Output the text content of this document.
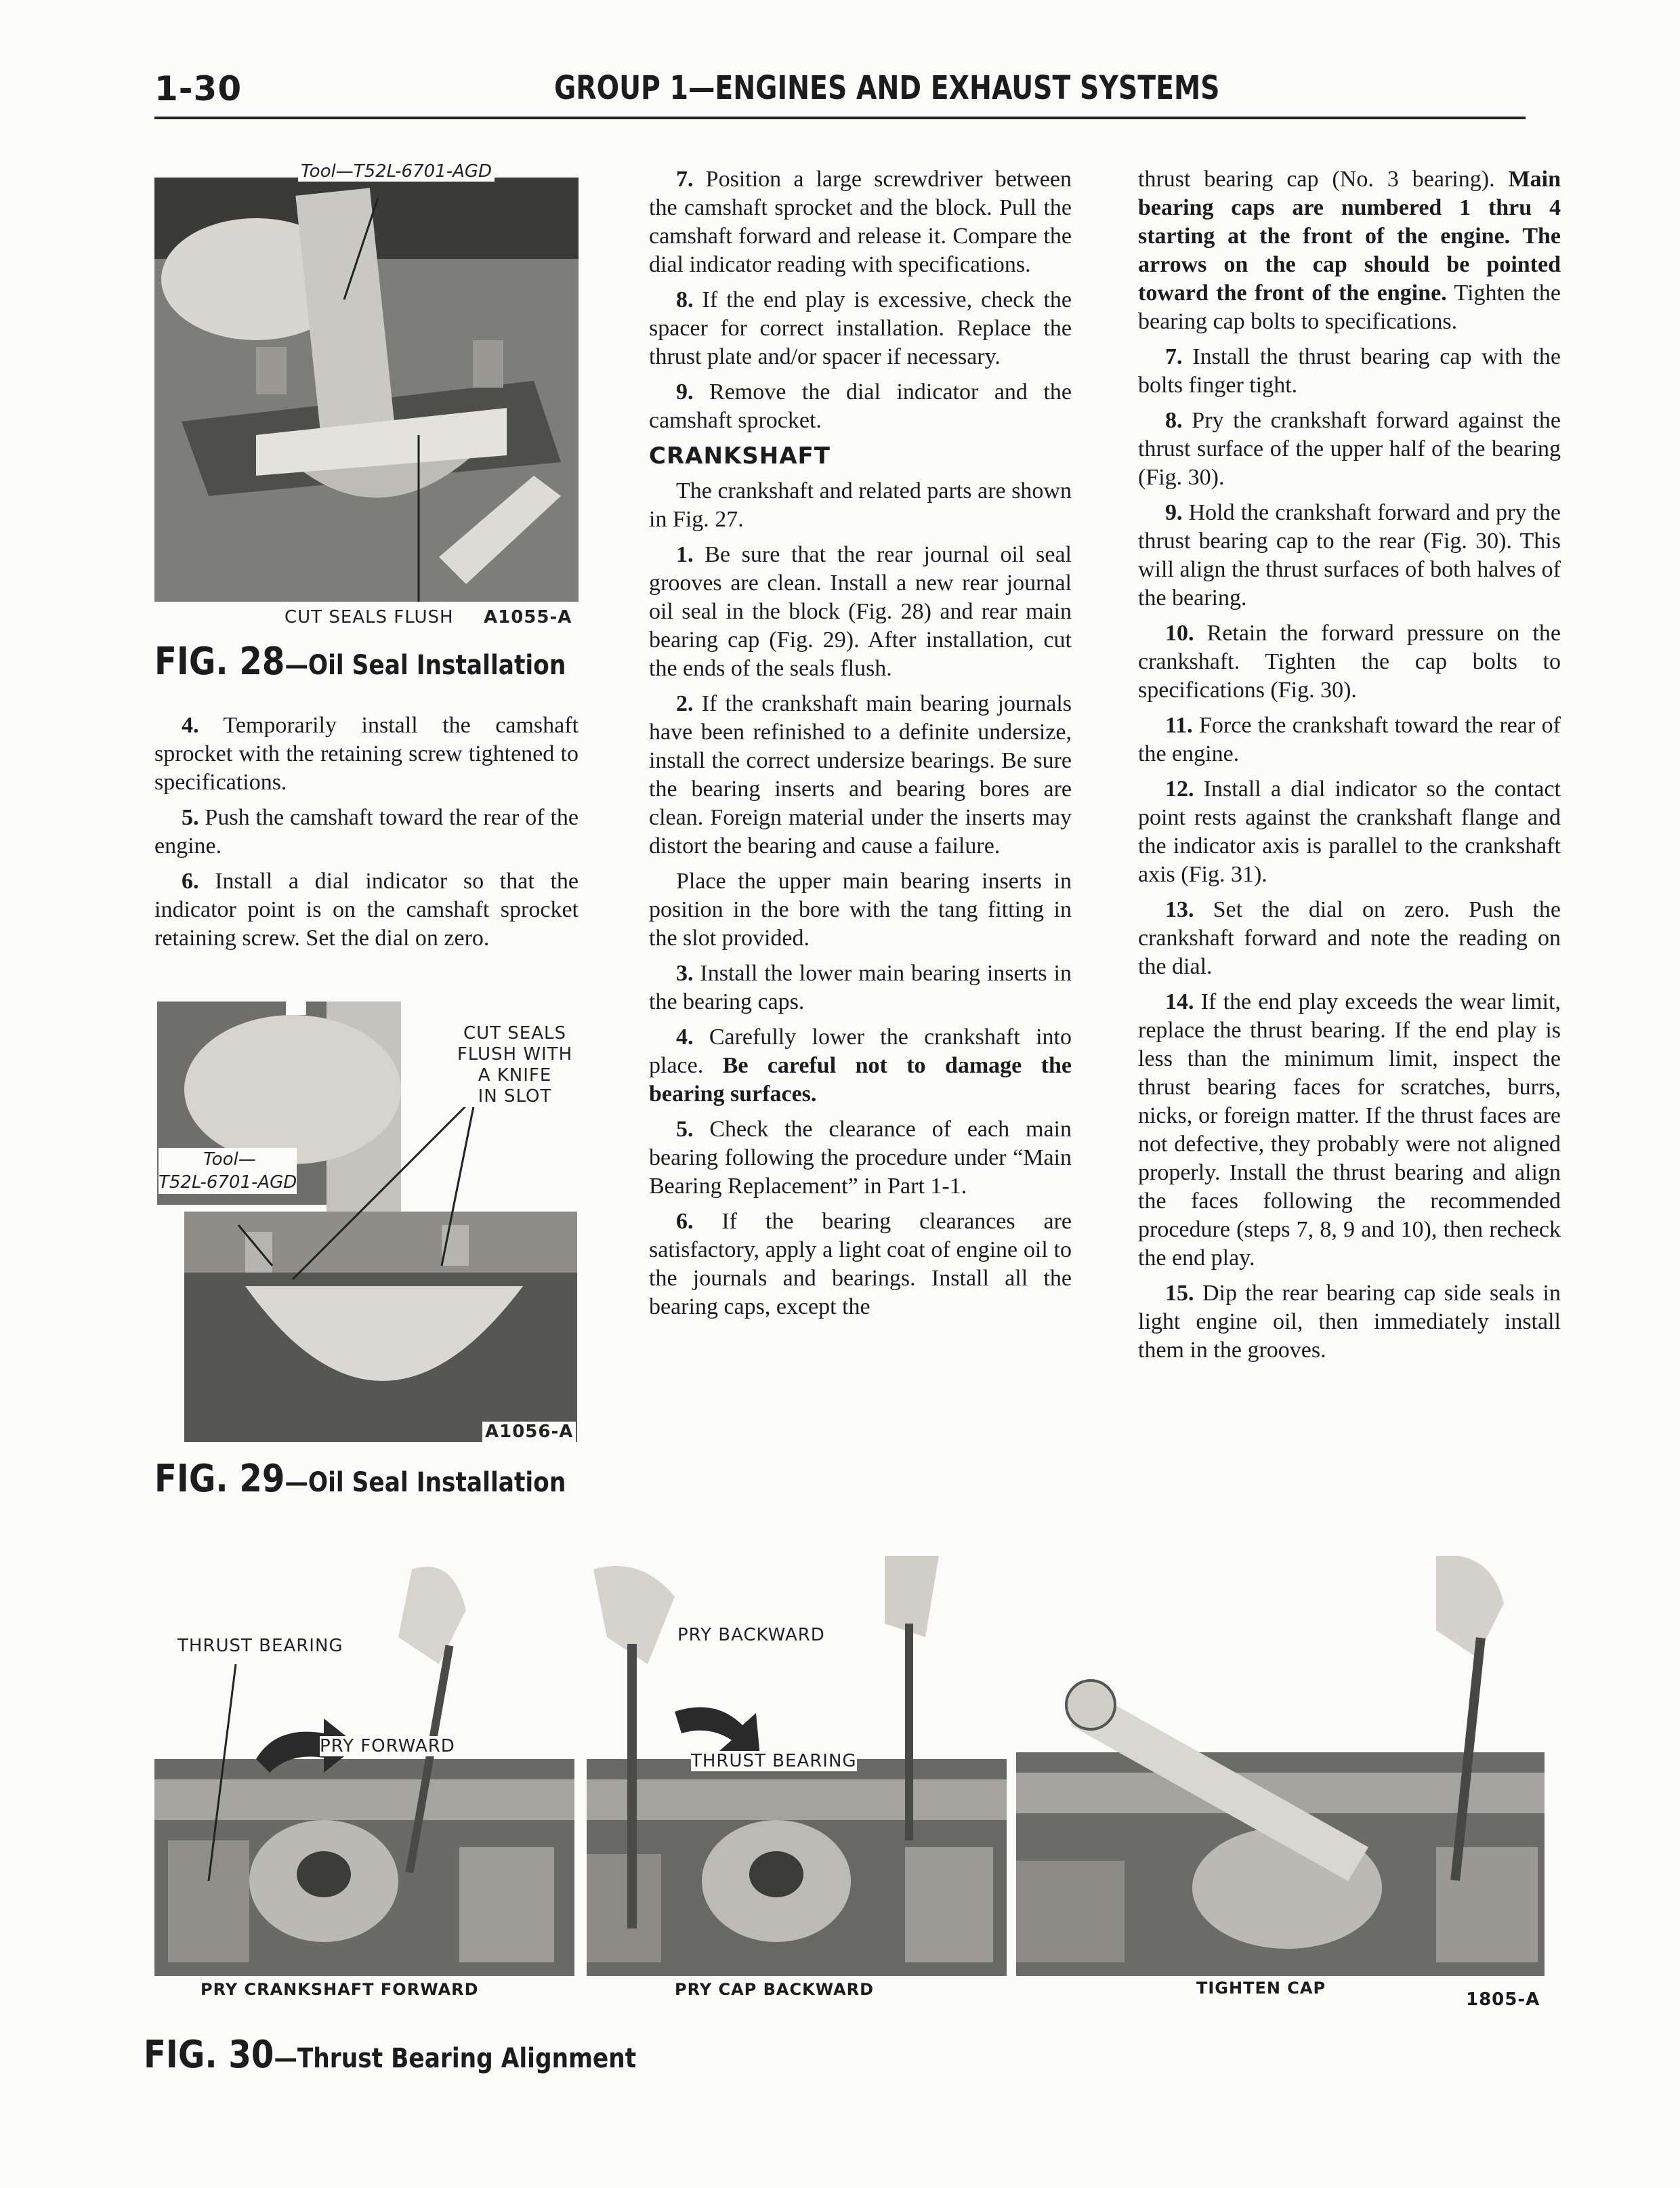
1-30	GROUP 1—ENGINES AND EXHAUST SYSTEMS
Tool—T52L-6701-AGD
CUT SEALS FLUSH A1055-A
FIG. 28—Oil Seal Installation

4. Temporarily install the camshaft sprocket with the retaining screw tightened to specifications.

5. Push the camshaft toward the rear of the engine.

6. Install a dial indicator so that the indicator point is on the camshaft sprocket retaining screw. Set the dial on zero.

CUT SEALS
FLUSH WITH
A KNIFE
IN SLOT
Tool—
T52L-6701-AGD
A1056-A
FIG. 29—Oil Seal Installation

7. Position a large screwdriver between the camshaft sprocket and the block. Pull the camshaft forward and release it. Compare the dial indicator reading with specifications.

8. If the end play is excessive, check the spacer for correct installation. Replace the thrust plate and/or spacer if necessary.

9. Remove the dial indicator and the camshaft sprocket.

CRANKSHAFT

The crankshaft and related parts are shown in Fig. 27.

1. Be sure that the rear journal oil seal grooves are clean. Install a new rear journal oil seal in the block (Fig. 28) and rear main bearing cap (Fig. 29). After installation, cut the ends of the seals flush.

2. If the crankshaft main bearing journals have been refinished to a definite undersize, install the correct undersize bearings. Be sure the bearing inserts and bearing bores are clean. Foreign material under the inserts may distort the bearing and cause a failure.

Place the upper main bearing inserts in position in the bore with the tang fitting in the slot provided.

3. Install the lower main bearing inserts in the bearing caps.

4. Carefully lower the crankshaft into place. Be careful not to damage the bearing surfaces.

5. Check the clearance of each main bearing following the procedure under “Main Bearing Replacement” in Part 1-1.

6. If the bearing clearances are satisfactory, apply a light coat of engine oil to the journals and bearings. Install all the bearing caps, except the

thrust bearing cap (No. 3 bearing). Main bearing caps are numbered 1 thru 4 starting at the front of the engine. The arrows on the cap should be pointed toward the front of the engine. Tighten the bearing cap bolts to specifications.

7. Install the thrust bearing cap with the bolts finger tight.

8. Pry the crankshaft forward against the thrust surface of the upper half of the bearing (Fig. 30).

9. Hold the crankshaft forward and pry the thrust bearing cap to the rear (Fig. 30). This will align the thrust surfaces of both halves of the bearing.

10. Retain the forward pressure on the crankshaft. Tighten the cap bolts to specifications (Fig. 30).

11. Force the crankshaft toward the rear of the engine.

12. Install a dial indicator so the contact point rests against the crankshaft flange and the indicator axis is parallel to the crankshaft axis (Fig. 31).

13. Set the dial on zero. Push the crankshaft forward and note the reading on the dial.

14. If the end play exceeds the wear limit, replace the thrust bearing. If the end play is less than the minimum limit, inspect the thrust bearing faces for scratches, burrs, nicks, or foreign matter. If the thrust faces are not defective, they probably were not aligned properly. Install the thrust bearing and align the faces following the recommended procedure (steps 7, 8, 9 and 10), then recheck the end play.

15. Dip the rear bearing cap side seals in light engine oil, then immediately install them in the grooves.

THRUST BEARING
PRY FORWARD
PRY CRANKSHAFT FORWARD
PRY BACKWARD
THRUST BEARING
PRY CAP BACKWARD	TIGHTEN CAP
1805-A
FIG. 30—Thrust Bearing Alignment
